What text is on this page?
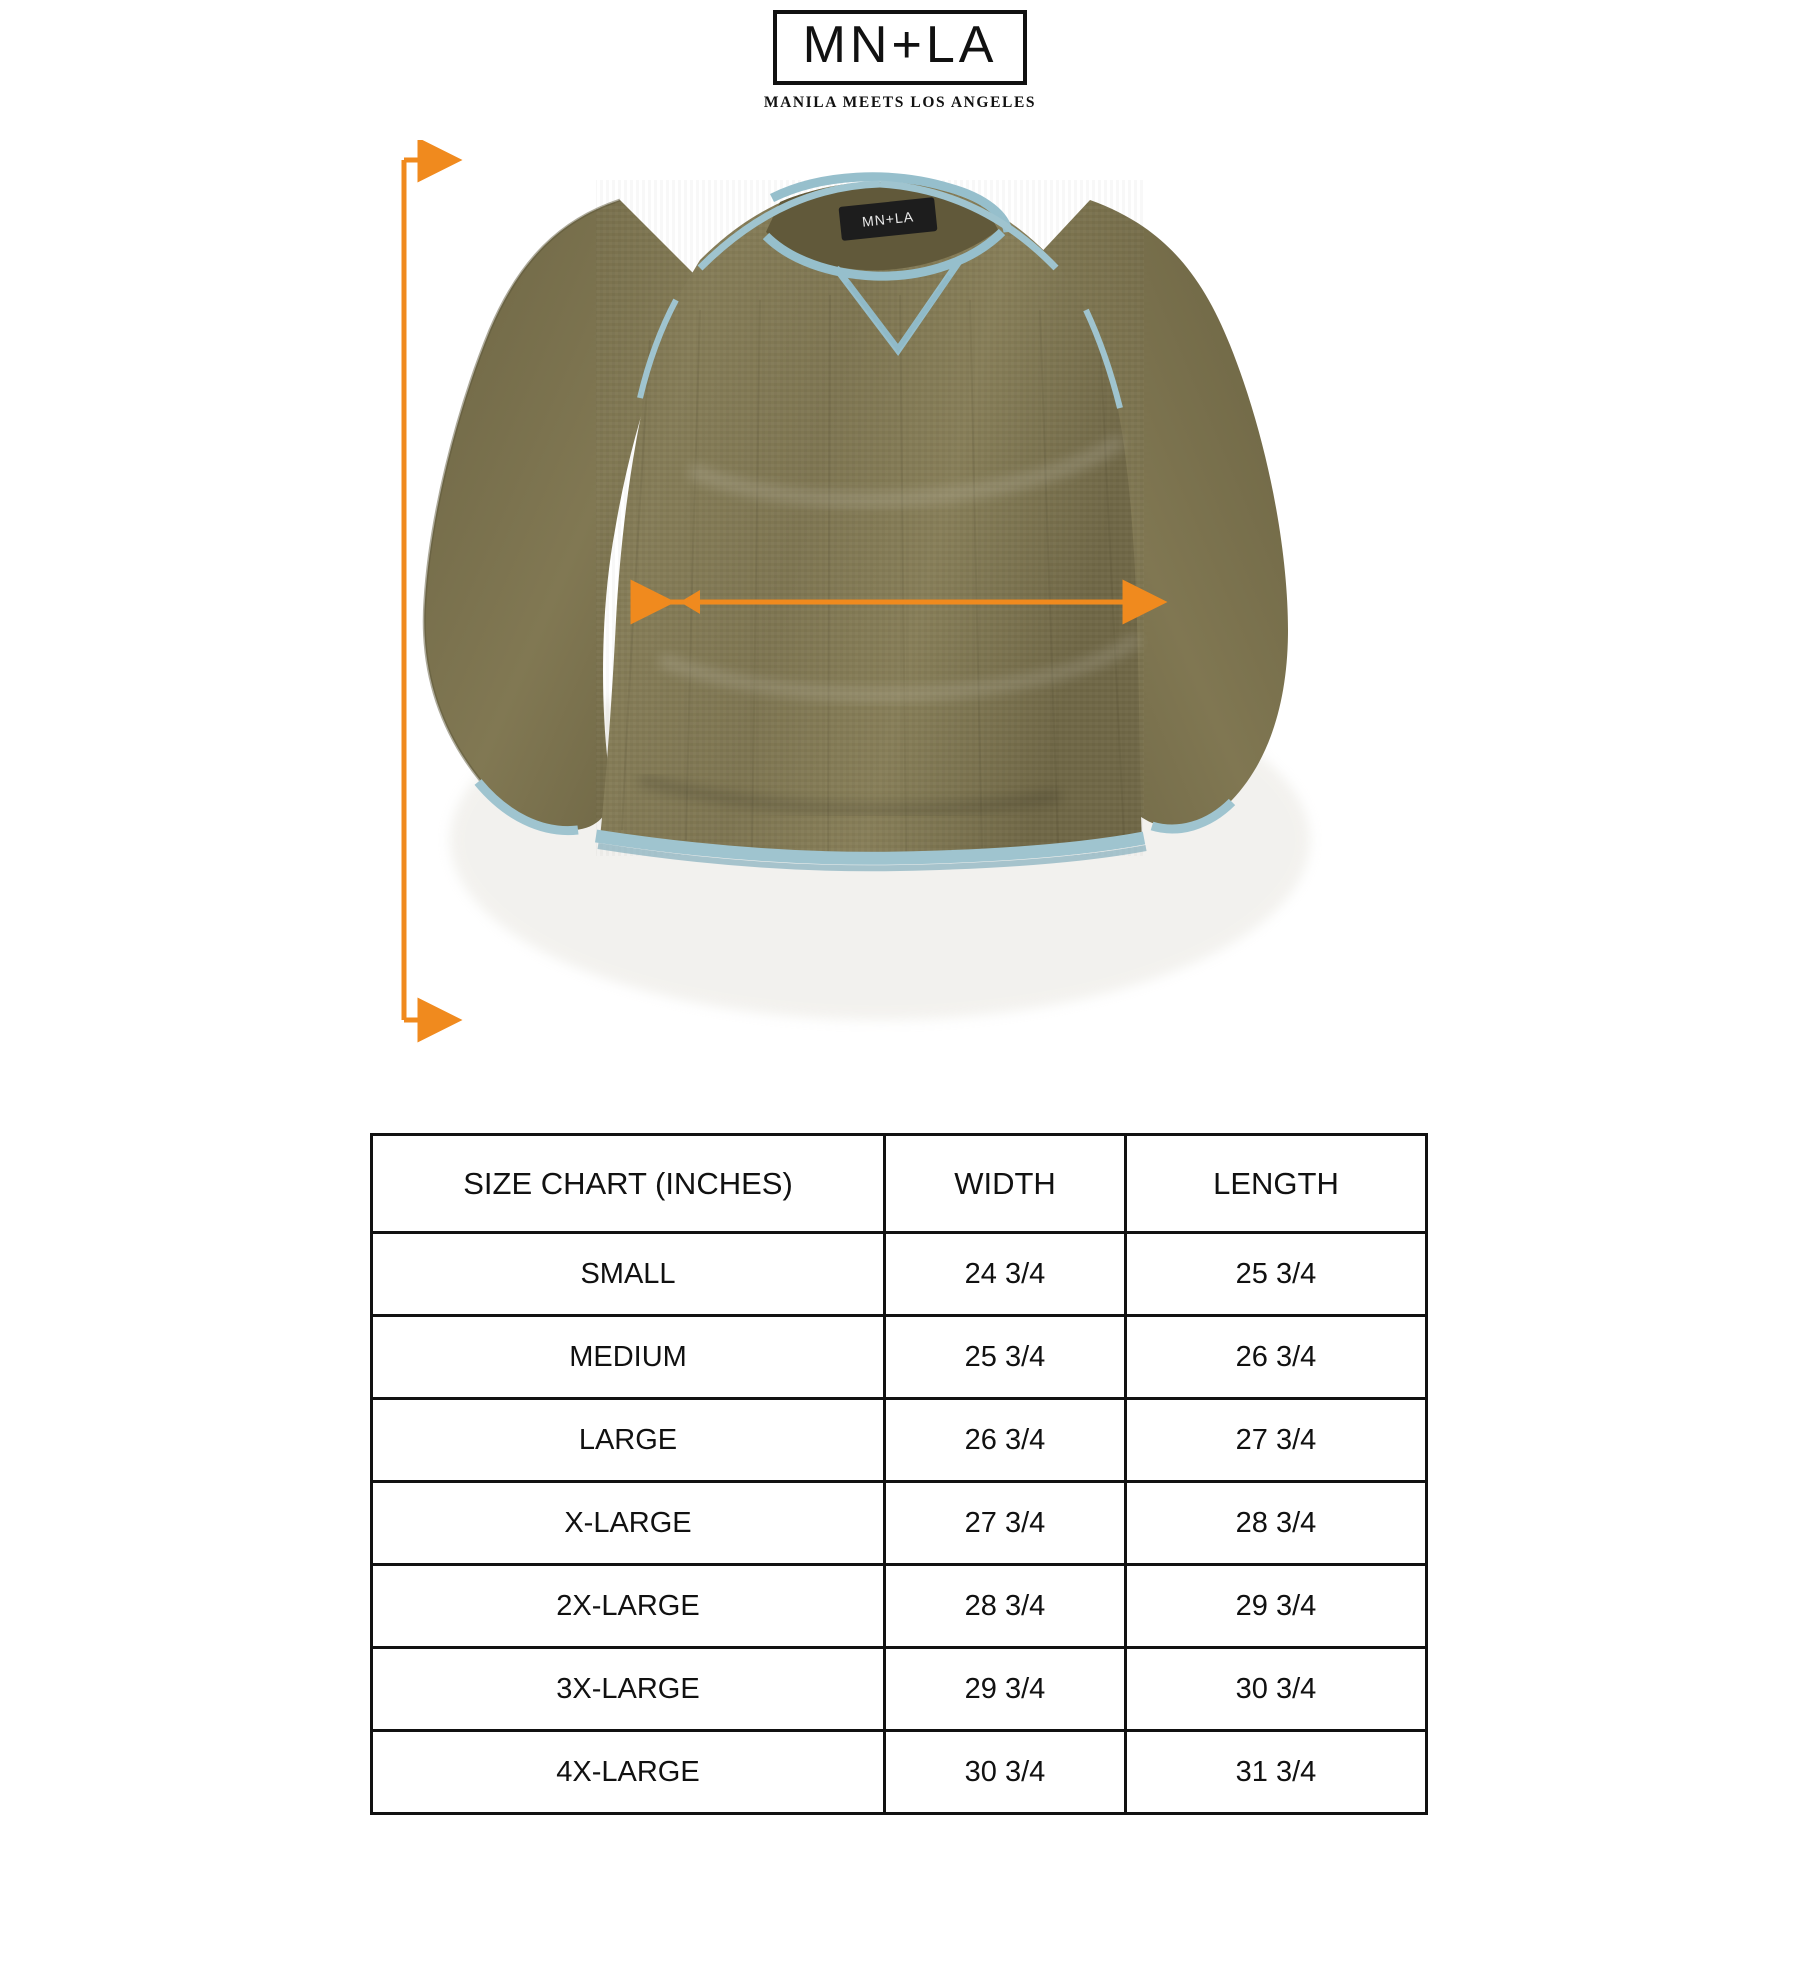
MN+LA
MANILA MEETS LOS ANGELES
MN+LA
SIZE CHART (INCHES)	WIDTH	LENGTH
SMALL	24 3/4	25 3/4
MEDIUM	25 3/4	26 3/4
LARGE	26 3/4	27 3/4
X-LARGE	27 3/4	28 3/4
2X-LARGE	28 3/4	29 3/4
3X-LARGE	29 3/4	30 3/4
4X-LARGE	30 3/4	31 3/4
